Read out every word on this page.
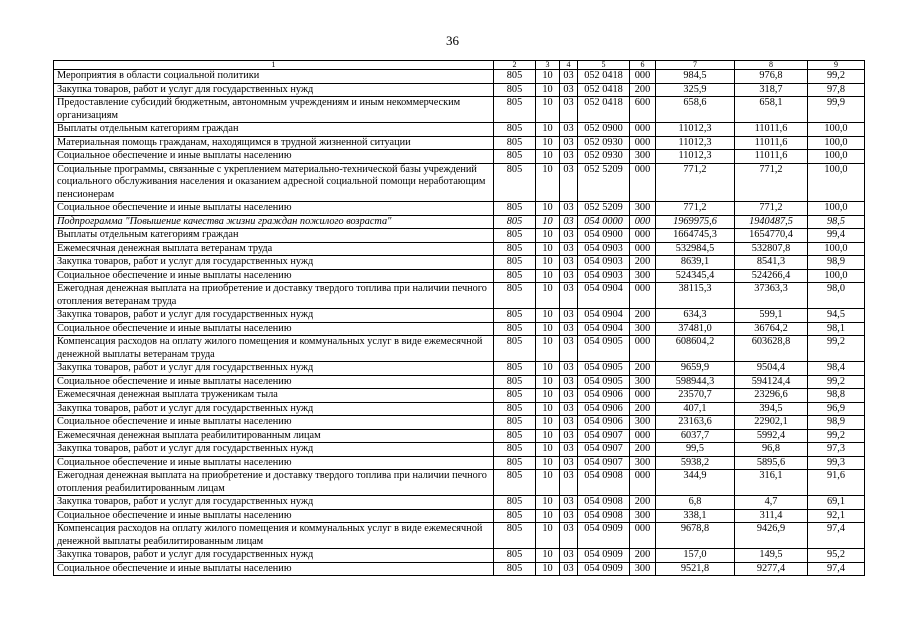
36
1	2	3	4	5	6	7	8	9
Мероприятия в области социальной политики	805	10	03	052 0418	000	984,5	976,8	99,2
Закупка товаров, работ и услуг для государственных нужд	805	10	03	052 0418	200	325,9	318,7	97,8
Предоставление субсидий бюджетным, автономным учреждениям и иным некоммерческим организациям	805	10	03	052 0418	600	658,6	658,1	99,9
Выплаты отдельным категориям граждан	805	10	03	052 0900	000	11012,3	11011,6	100,0
Материальная помощь гражданам, находящимся в трудной жизненной ситуации	805	10	03	052 0930	000	11012,3	11011,6	100,0
Социальное обеспечение и иные выплаты населению	805	10	03	052 0930	300	11012,3	11011,6	100,0
Социальные программы, связанные с укреплением материально-технической базы учреждений социального обслуживания населения и оказанием адресной социальной помощи неработающим пенсионерам	805	10	03	052 5209	000	771,2	771,2	100,0
Социальное обеспечение и иные выплаты населению	805	10	03	052 5209	300	771,2	771,2	100,0
Подпрограмма "Повышение качества жизни граждан пожилого возраста"	805	10	03	054 0000	000	1969975,6	1940487,5	98,5
Выплаты отдельным категориям граждан	805	10	03	054 0900	000	1664745,3	1654770,4	99,4
Ежемесячная денежная выплата ветеранам труда	805	10	03	054 0903	000	532984,5	532807,8	100,0
Закупка товаров, работ и услуг для государственных нужд	805	10	03	054 0903	200	8639,1	8541,3	98,9
Социальное обеспечение и иные выплаты населению	805	10	03	054 0903	300	524345,4	524266,4	100,0
Ежегодная денежная выплата на приобретение и доставку твердого топлива при наличии печного отопления ветеранам труда	805	10	03	054 0904	000	38115,3	37363,3	98,0
Закупка товаров, работ и услуг для государственных нужд	805	10	03	054 0904	200	634,3	599,1	94,5
Социальное обеспечение и иные выплаты населению	805	10	03	054 0904	300	37481,0	36764,2	98,1
Компенсация расходов на оплату жилого помещения и коммунальных услуг в виде ежемесячной денежной выплаты ветеранам труда	805	10	03	054 0905	000	608604,2	603628,8	99,2
Закупка товаров, работ и услуг для государственных нужд	805	10	03	054 0905	200	9659,9	9504,4	98,4
Социальное обеспечение и иные выплаты населению	805	10	03	054 0905	300	598944,3	594124,4	99,2
Ежемесячная денежная выплата труженикам тыла	805	10	03	054 0906	000	23570,7	23296,6	98,8
Закупка товаров, работ и услуг для государственных нужд	805	10	03	054 0906	200	407,1	394,5	96,9
Социальное обеспечение и иные выплаты населению	805	10	03	054 0906	300	23163,6	22902,1	98,9
Ежемесячная денежная выплата реабилитированным лицам	805	10	03	054 0907	000	6037,7	5992,4	99,2
Закупка товаров, работ и услуг для государственных нужд	805	10	03	054 0907	200	99,5	96,8	97,3
Социальное обеспечение и иные выплаты населению	805	10	03	054 0907	300	5938,2	5895,6	99,3
Ежегодная денежная выплата на приобретение и доставку твердого топлива при наличии печного отопления реабилитированным лицам	805	10	03	054 0908	000	344,9	316,1	91,6
Закупка товаров, работ и услуг для государственных нужд	805	10	03	054 0908	200	6,8	4,7	69,1
Социальное обеспечение и иные выплаты населению	805	10	03	054 0908	300	338,1	311,4	92,1
Компенсация расходов на оплату жилого помещения и коммунальных услуг в виде ежемесячной денежной выплаты реабилитированным лицам	805	10	03	054 0909	000	9678,8	9426,9	97,4
Закупка товаров, работ и услуг для государственных нужд	805	10	03	054 0909	200	157,0	149,5	95,2
Социальное обеспечение и иные выплаты населению	805	10	03	054 0909	300	9521,8	9277,4	97,4
